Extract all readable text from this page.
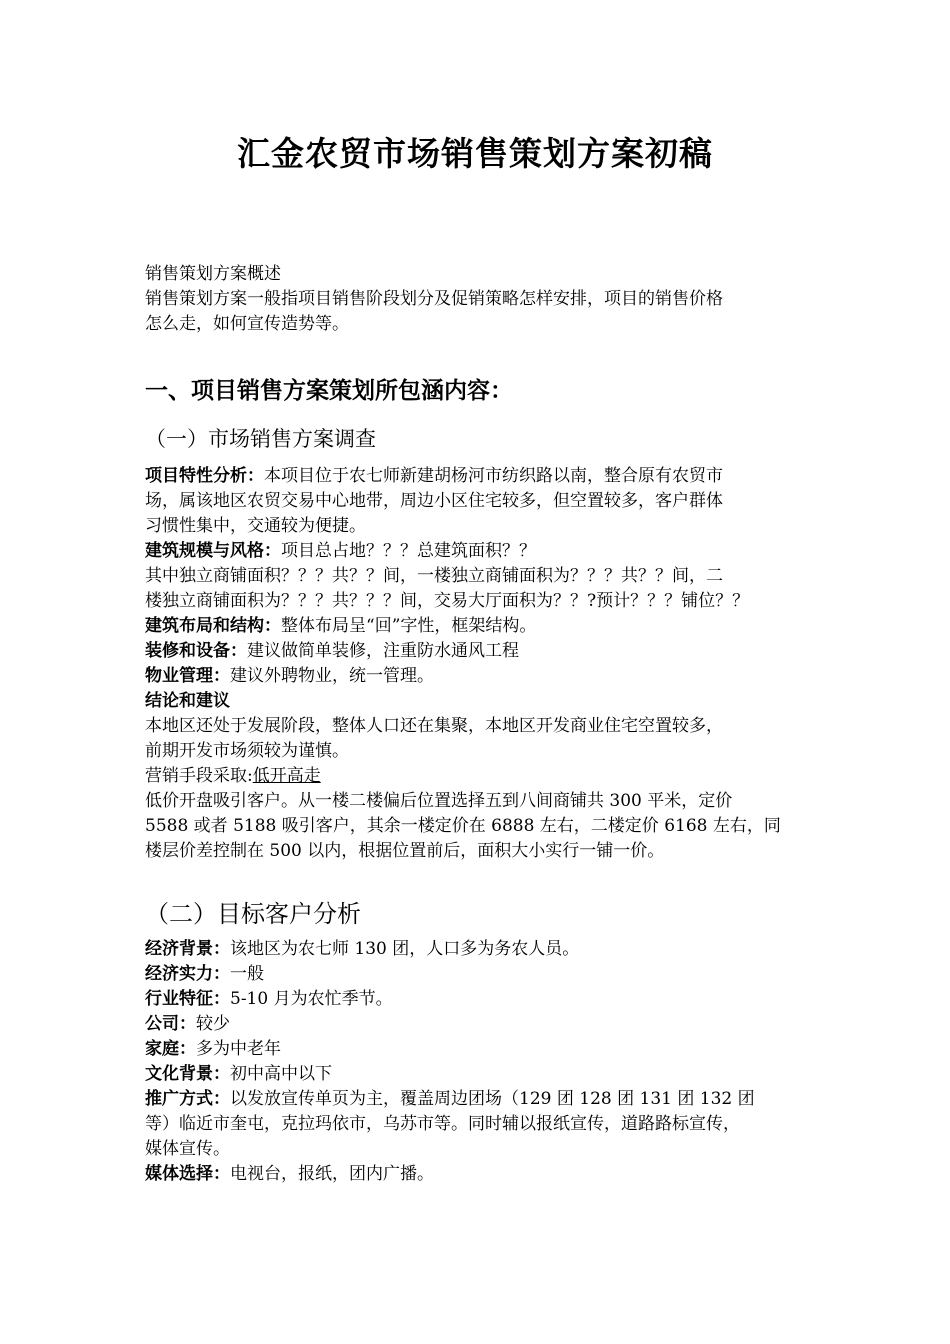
汇金农贸市场销售策划方案初稿

销售策划方案概述

销售策划方案一般指项目销售阶段划分及促销策略怎样安排，项目的销售价格

怎么走，如何宣传造势等。

一、项目销售方案策划所包涵内容：

（一）市场销售方案调查

项目特性分析：本项目位于农七师新建胡杨河市纺织路以南，整合原有农贸市

场，属该地区农贸交易中心地带，周边小区住宅较多，但空置较多，客户群体

习惯性集中，交通较为便捷。

建筑规模与风格：项目总占地？？？总建筑面积？？

其中独立商铺面积？？？共？？间，一楼独立商铺面积为？？？共？？间，二

楼独立商铺面积为？？？共？？？间，交易大厅面积为？？?预计？？？铺位？？

建筑布局和结构：整体布局呈“回”字性，框架结构。

装修和设备：建议做简单装修，注重防水通风工程

物业管理：建议外聘物业，统一管理。

结论和建议

本地区还处于发展阶段，整体人口还在集聚，本地区开发商业住宅空置较多，

前期开发市场须较为谨慎。

营销手段采取:低开高走

低价开盘吸引客户。从一楼二楼偏后位置选择五到八间商铺共 300 平米，定价

5588 或者 5188 吸引客户，其余一楼定价在 6888 左右，二楼定价 6168 左右，同

楼层价差控制在 500 以内，根据位置前后，面积大小实行一铺一价。

（二）目标客户分析

经济背景：该地区为农七师 130 团，人口多为务农人员。

经济实力：一般

行业特征：5-10 月为农忙季节。

公司：较少

家庭：多为中老年

文化背景：初中高中以下

推广方式：以发放宣传单页为主，覆盖周边团场（129 团 128 团 131 团 132 团

等）临近市奎屯，克拉玛依市，乌苏市等。同时辅以报纸宣传，道路路标宣传，

媒体宣传。

媒体选择：电视台，报纸，团内广播。
